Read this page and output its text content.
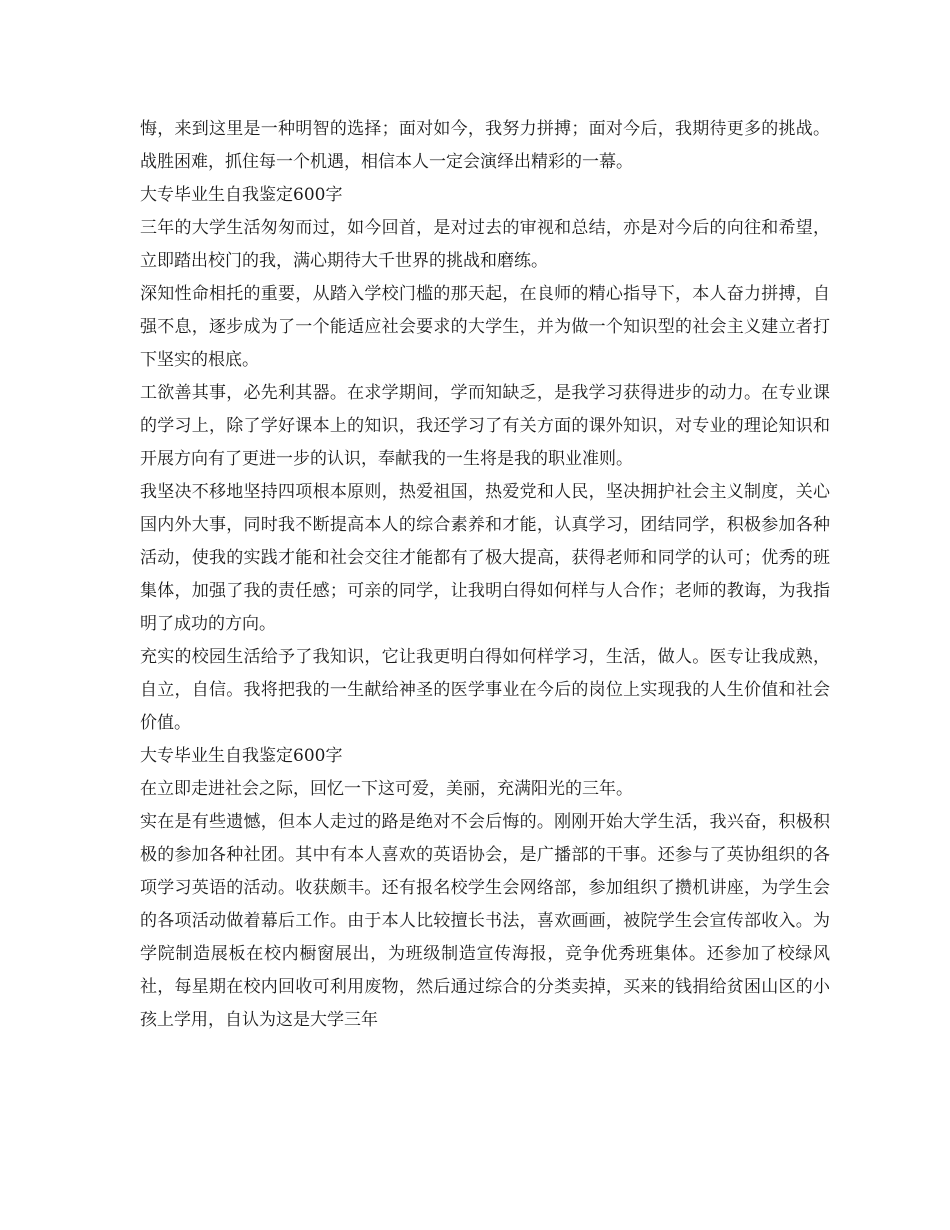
悔，来到这里是一种明智的选择；面对如今，我努力拼搏；面对今后，我期待更多的挑战。战胜困难，抓住每一个机遇，相信本人一定会演绎出精彩的一幕。

大专毕业生自我鉴定600字

三年的大学生活匆匆而过，如今回首，是对过去的审视和总结，亦是对今后的向往和希望，立即踏出校门的我，满心期待大千世界的挑战和磨练。

深知性命相托的重要，从踏入学校门槛的那天起，在良师的精心指导下，本人奋力拼搏，自强不息，逐步成为了一个能适应社会要求的大学生，并为做一个知识型的社会主义建立者打下坚实的根底。

工欲善其事，必先利其器。在求学期间，学而知缺乏，是我学习获得进步的动力。在专业课的学习上，除了学好课本上的知识，我还学习了有关方面的课外知识，对专业的理论知识和开展方向有了更进一步的认识，奉献我的一生将是我的职业准则。

我坚决不移地坚持四项根本原则，热爱祖国，热爱党和人民，坚决拥护社会主义制度，关心国内外大事，同时我不断提高本人的综合素养和才能，认真学习，团结同学，积极参加各种活动，使我的实践才能和社会交往才能都有了极大提高，获得老师和同学的认可；优秀的班集体，加强了我的责任感；可亲的同学，让我明白得如何样与人合作；老师的教诲，为我指明了成功的方向。

充实的校园生活给予了我知识，它让我更明白得如何样学习，生活，做人。医专让我成熟，自立，自信。我将把我的一生献给神圣的医学事业在今后的岗位上实现我的人生价值和社会价值。

大专毕业生自我鉴定600字

在立即走进社会之际，回忆一下这可爱，美丽，充满阳光的三年。

实在是有些遗憾，但本人走过的路是绝对不会后悔的。刚刚开始大学生活，我兴奋，积极积极的参加各种社团。其中有本人喜欢的英语协会，是广播部的干事。还参与了英协组织的各项学习英语的活动。收获颇丰。还有报名校学生会网络部，参加组织了攒机讲座，为学生会的各项活动做着幕后工作。由于本人比较擅长书法，喜欢画画，被院学生会宣传部收入。为学院制造展板在校内橱窗展出，为班级制造宣传海报，竞争优秀班集体。还参加了校绿风社，每星期在校内回收可利用废物，然后通过综合的分类卖掉，买来的钱捐给贫困山区的小孩上学用，自认为这是大学三年
